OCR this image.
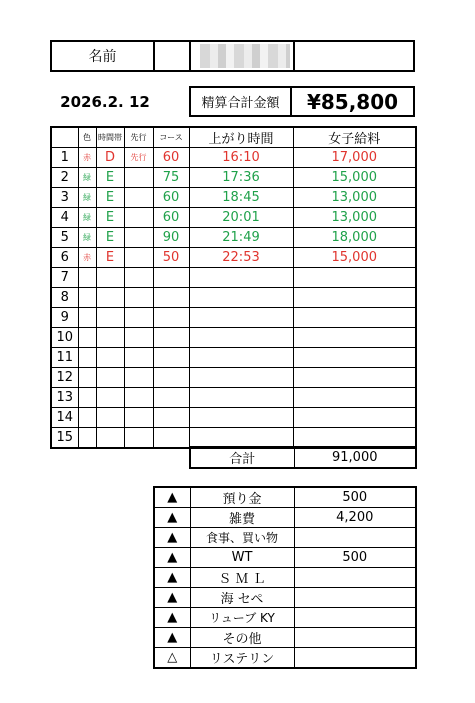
名前
2026.2. 12	精算合計金額	¥85,800
	色	時間帯	先行	コース	上がり時間	女子給料
1	赤	D	先行	60	16:10	17,000
2	緑	E		75	17:36	15,000
3	緑	E		60	18:45	13,000
4	緑	E		60	20:01	13,000
5	緑	E		90	21:49	18,000
6	赤	E		50	22:53	15,000
7						
8						
9						
10						
11						
12						
13						
14						
15						
合計	91,000
▲	預り金	500
▲	雑費	4,200
▲	食事、買い物	
▲	WT	500
▲	Ｓ Ｍ Ｌ	
▲	海 セペ	
▲	リューブ KY	
▲	その他	
△	リステリン	
